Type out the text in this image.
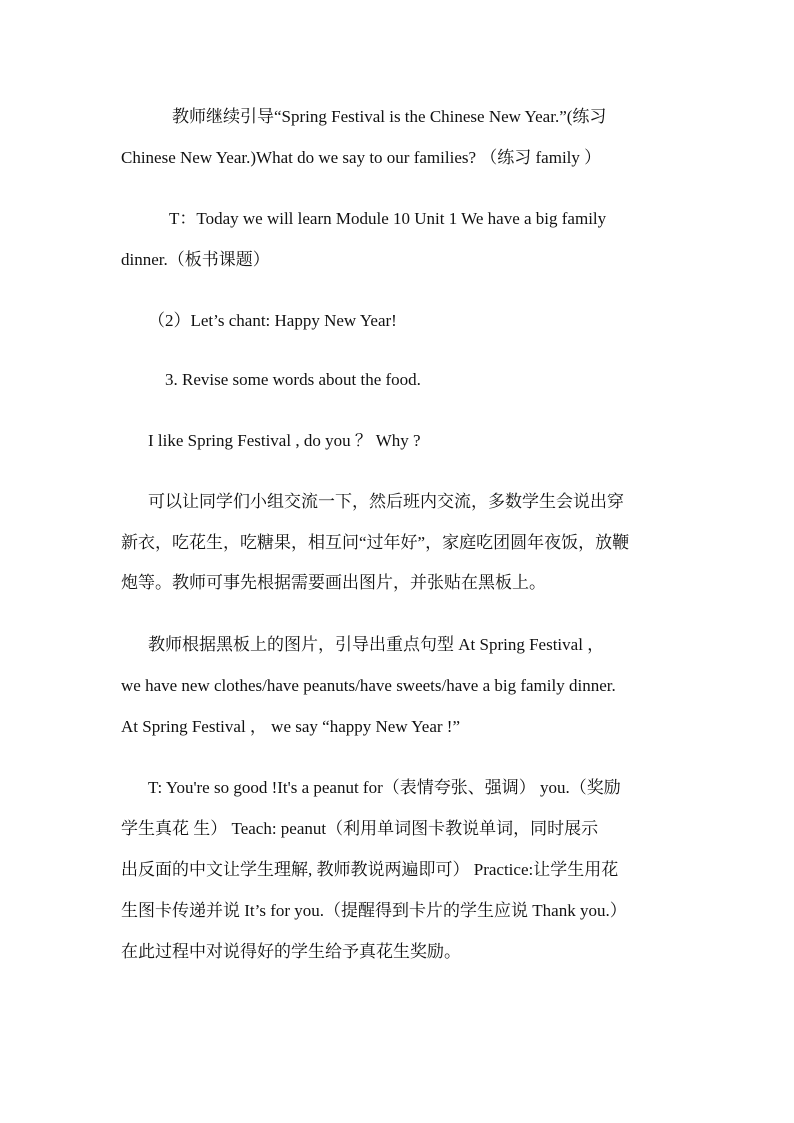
教师继续引导“Spring Festival is the Chinese New Year.”(练习
Chinese New Year.)What do we say to our families? （练习 family ）
T：Today we will learn Module 10 Unit 1 We have a big family
dinner.（板书课题）
（2）Let’s chant: Happy New Year!
3. Revise some words about the food.
I like Spring Festival , do you ？ Why ?
可以让同学们小组交流一下，然后班内交流，多数学生会说出穿
新衣，吃花生，吃糖果，相互问“过年好”，家庭吃团圆年夜饭，放鞭
炮等。教师可事先根据需要画出图片，并张贴在黑板上。
教师根据黑板上的图片，引导出重点句型 At Spring Festival ，
we have new clothes/have peanuts/have sweets/have a big family dinner.
At Spring Festival ， we say “happy New Year !”
T: You're so good !It's a peanut for（表情夸张、强调） you.（奖励
学生真花 生） Teach: peanut（利用单词图卡教说单词，同时展示
出反面的中文让学生理解, 教师教说两遍即可） Practice:让学生用花
生图卡传递并说 It’s for you.（提醒得到卡片的学生应说 Thank you.）
在此过程中对说得好的学生给予真花生奖励。
